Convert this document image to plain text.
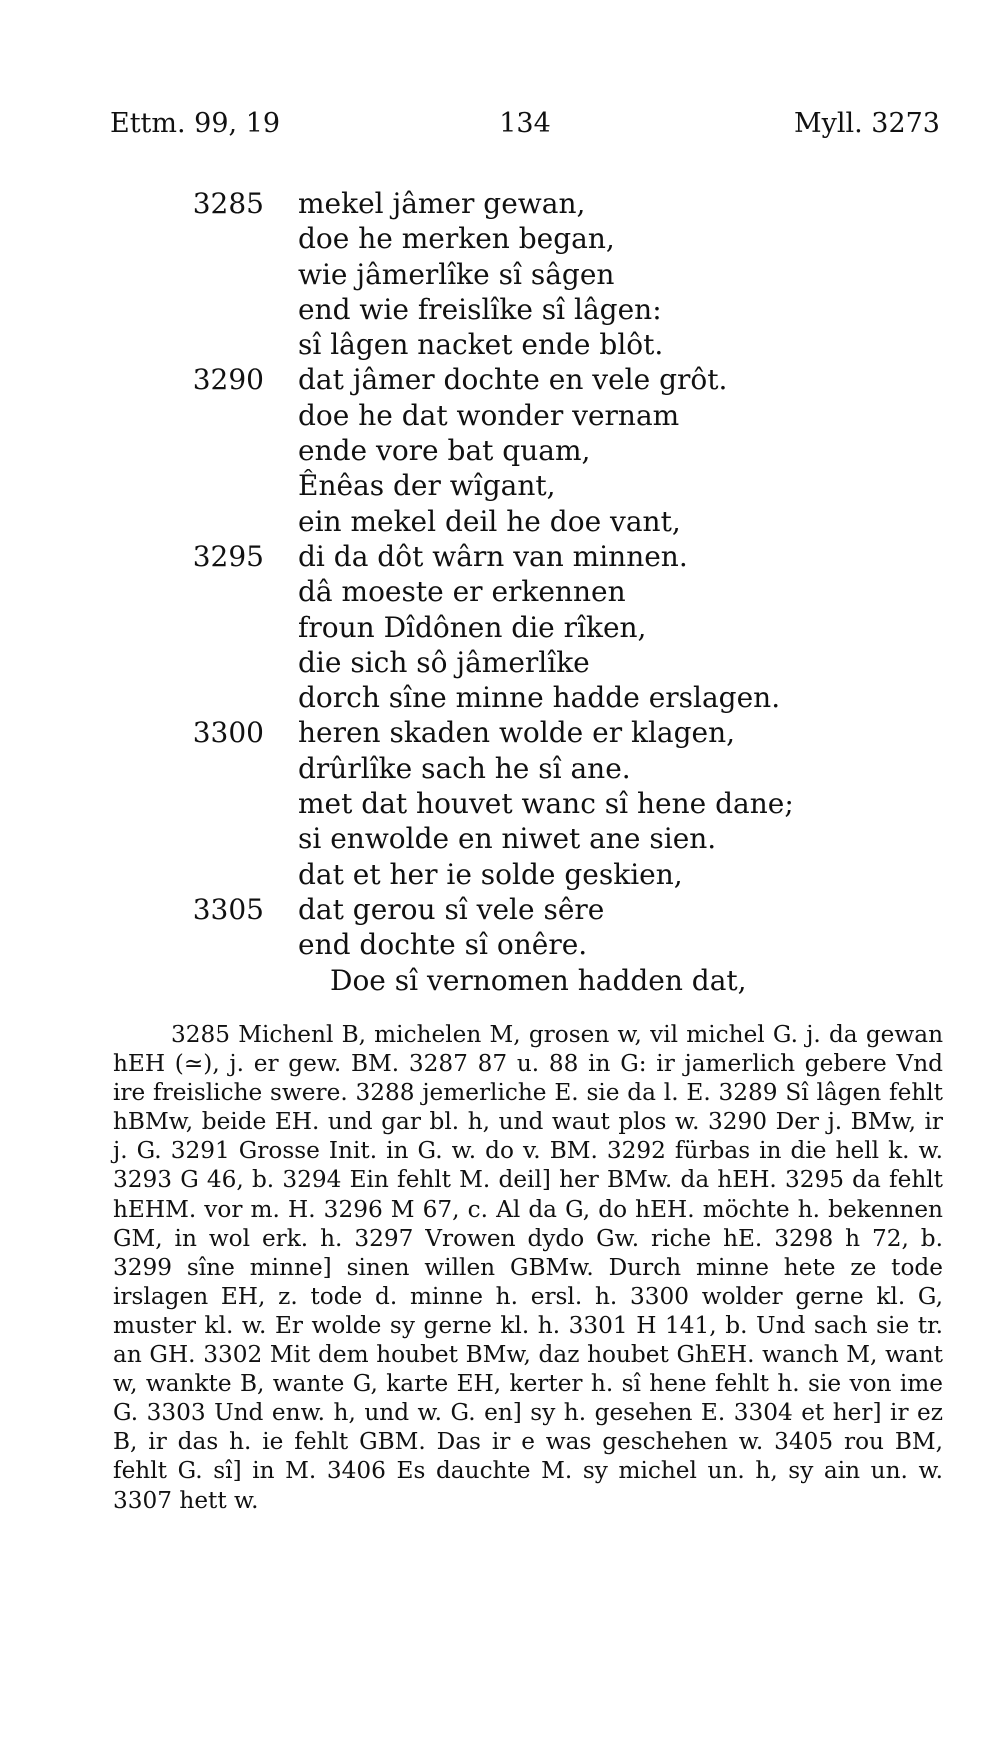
Ettm. 99, 19	134	Myll. 3273
3285 mekel jâmer gewan,
doe he merken began,
wie jâmerlîke sî sâgen
end wie freislîke sî lâgen:
sî lâgen nacket ende blôt.
3290 dat jâmer dochte en vele grôt.
doe he dat wonder vernam
ende vore bat quam,
Ênêas der wîgant,
ein mekel deil he doe vant,
3295 di da dôt wârn van minnen.
dâ moeste er erkennen
froun Dîdônen die rîken,
die sich sô jâmerlîke
dorch sîne minne hadde erslagen.
3300 heren skaden wolde er klagen,
drûrlîke sach he sî ane.
met dat houvet wanc sî hene dane;
si enwolde en niwet ane sien.
dat et her ie solde geskien,
3305 dat gerou sî vele sêre
end dochte sî onêre.
Doe sî vernomen hadden dat,

3285 Michenl B, michelen M, grosen w, vil michel G. j. da gewan hEH (≃), j. er gew. BM. 3287 87 u. 88 in G: ir jamerlich gebere Vnd ire freisliche swere. 3288 jemerliche E. sie da l. E. 3289 Sî lâgen fehlt hBMw, beide EH. und gar bl. h, und waut plos w. 3290 Der j. BMw, ir j. G. 3291 Grosse Init. in G. w. do v. BM. 3292 fürbas in die hell k. w. 3293 G 46, b. 3294 Ein fehlt M. deil] her BMw. da hEH. 3295 da fehlt hEHM. vor m. H. 3296 M 67, c. Al da G, do hEH. möchte h. bekennen GM, in wol erk. h. 3297 Vrowen dydo Gw. riche hE. 3298 h 72, b. 3299 sîne minne] sinen willen GBMw. Durch minne hete ze tode irslagen EH, z. tode d. minne h. ersl. h. 3300 wolder gerne kl. G, muster kl. w. Er wolde sy gerne kl. h. 3301 H 141, b. Und sach sie tr. an GH. 3302 Mit dem houbet BMw, daz houbet GhEH. wanch M, want w, wankte B, wante G, karte EH, kerter h. sî hene fehlt h. sie von ime G. 3303 Und enw. h, und w. G. en] sy h. gesehen E. 3304 et her] ir ez B, ir das h. ie fehlt GBM. Das ir e was geschehen w. 3405 rou BM, fehlt G. sî] in M. 3406 Es dauchte M. sy michel un. h, sy ain un. w. 3307 hett w.
